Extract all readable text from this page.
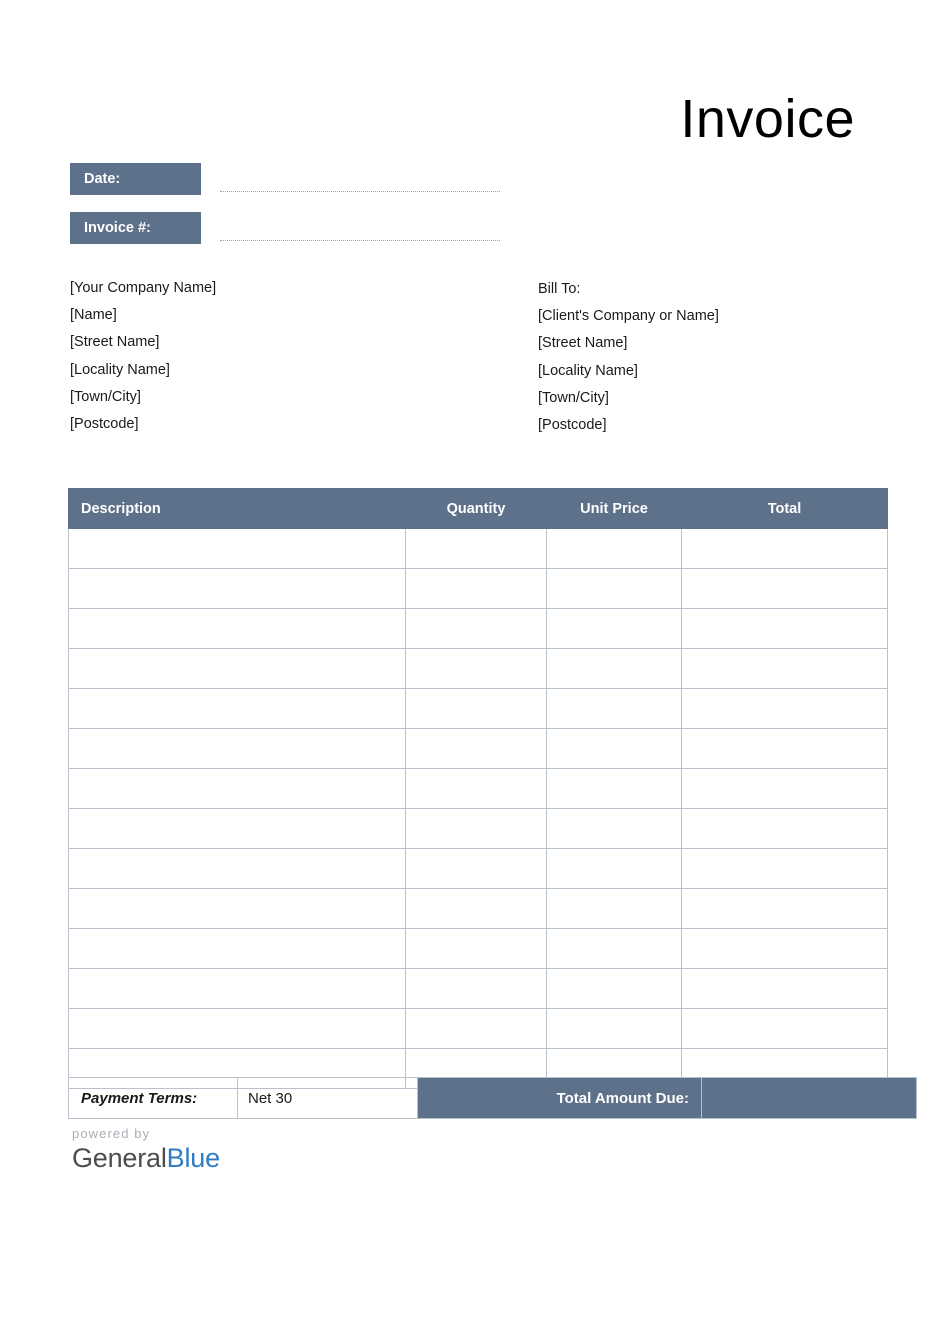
Invoice
Date:
Invoice #:
[Your Company Name]
[Name]
[Street Name]
[Locality Name]
[Town/City]
[Postcode]
Bill To:
[Client's Company or Name]
[Street Name]
[Locality Name]
[Town/City]
[Postcode]
Description	Quantity	Unit Price	Total

Payment Terms:	Net 30	Total Amount Due:	
powered by
GeneralBlue
